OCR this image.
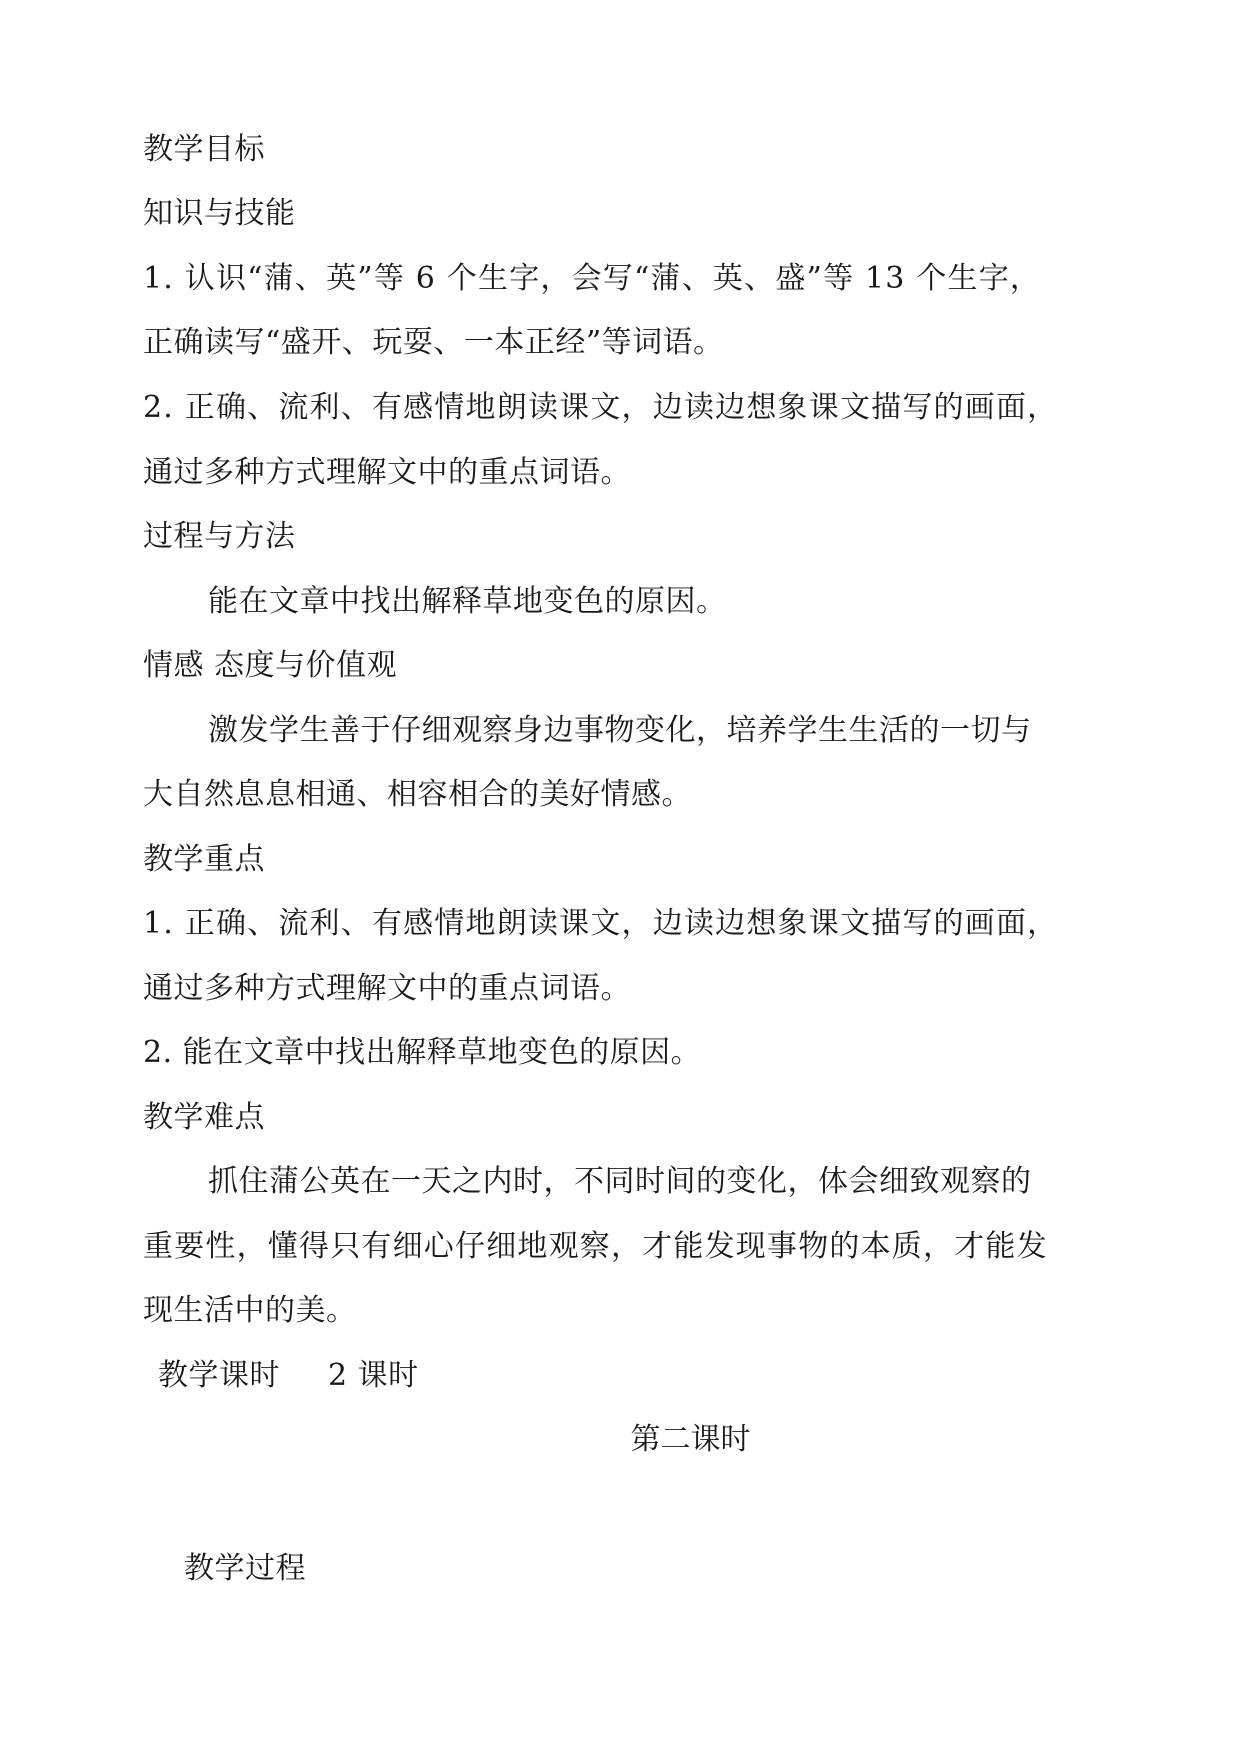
教学目标
知识与技能
1. 认识“蒲、英”等 6 个生字，会写“蒲、英、盛”等 13 个生字，
正确读写“盛开、玩耍、一本正经”等词语。
2. 正确、流利、有感情地朗读课文，边读边想象课文描写的画面，
通过多种方式理解文中的重点词语。
过程与方法
能在文章中找出解释草地变色的原因。
情感 态度与价值观
激发学生善于仔细观察身边事物变化，培养学生生活的一切与
大自然息息相通、相容相合的美好情感。
教学重点
1. 正确、流利、有感情地朗读课文，边读边想象课文描写的画面，
通过多种方式理解文中的重点词语。
2. 能在文章中找出解释草地变色的原因。
教学难点
抓住蒲公英在一天之内时，不同时间的变化，体会细致观察的
重要性，懂得只有细心仔细地观察，才能发现事物的本质，才能发
现生活中的美。
教学课时 2 课时
第二课时
教学过程
